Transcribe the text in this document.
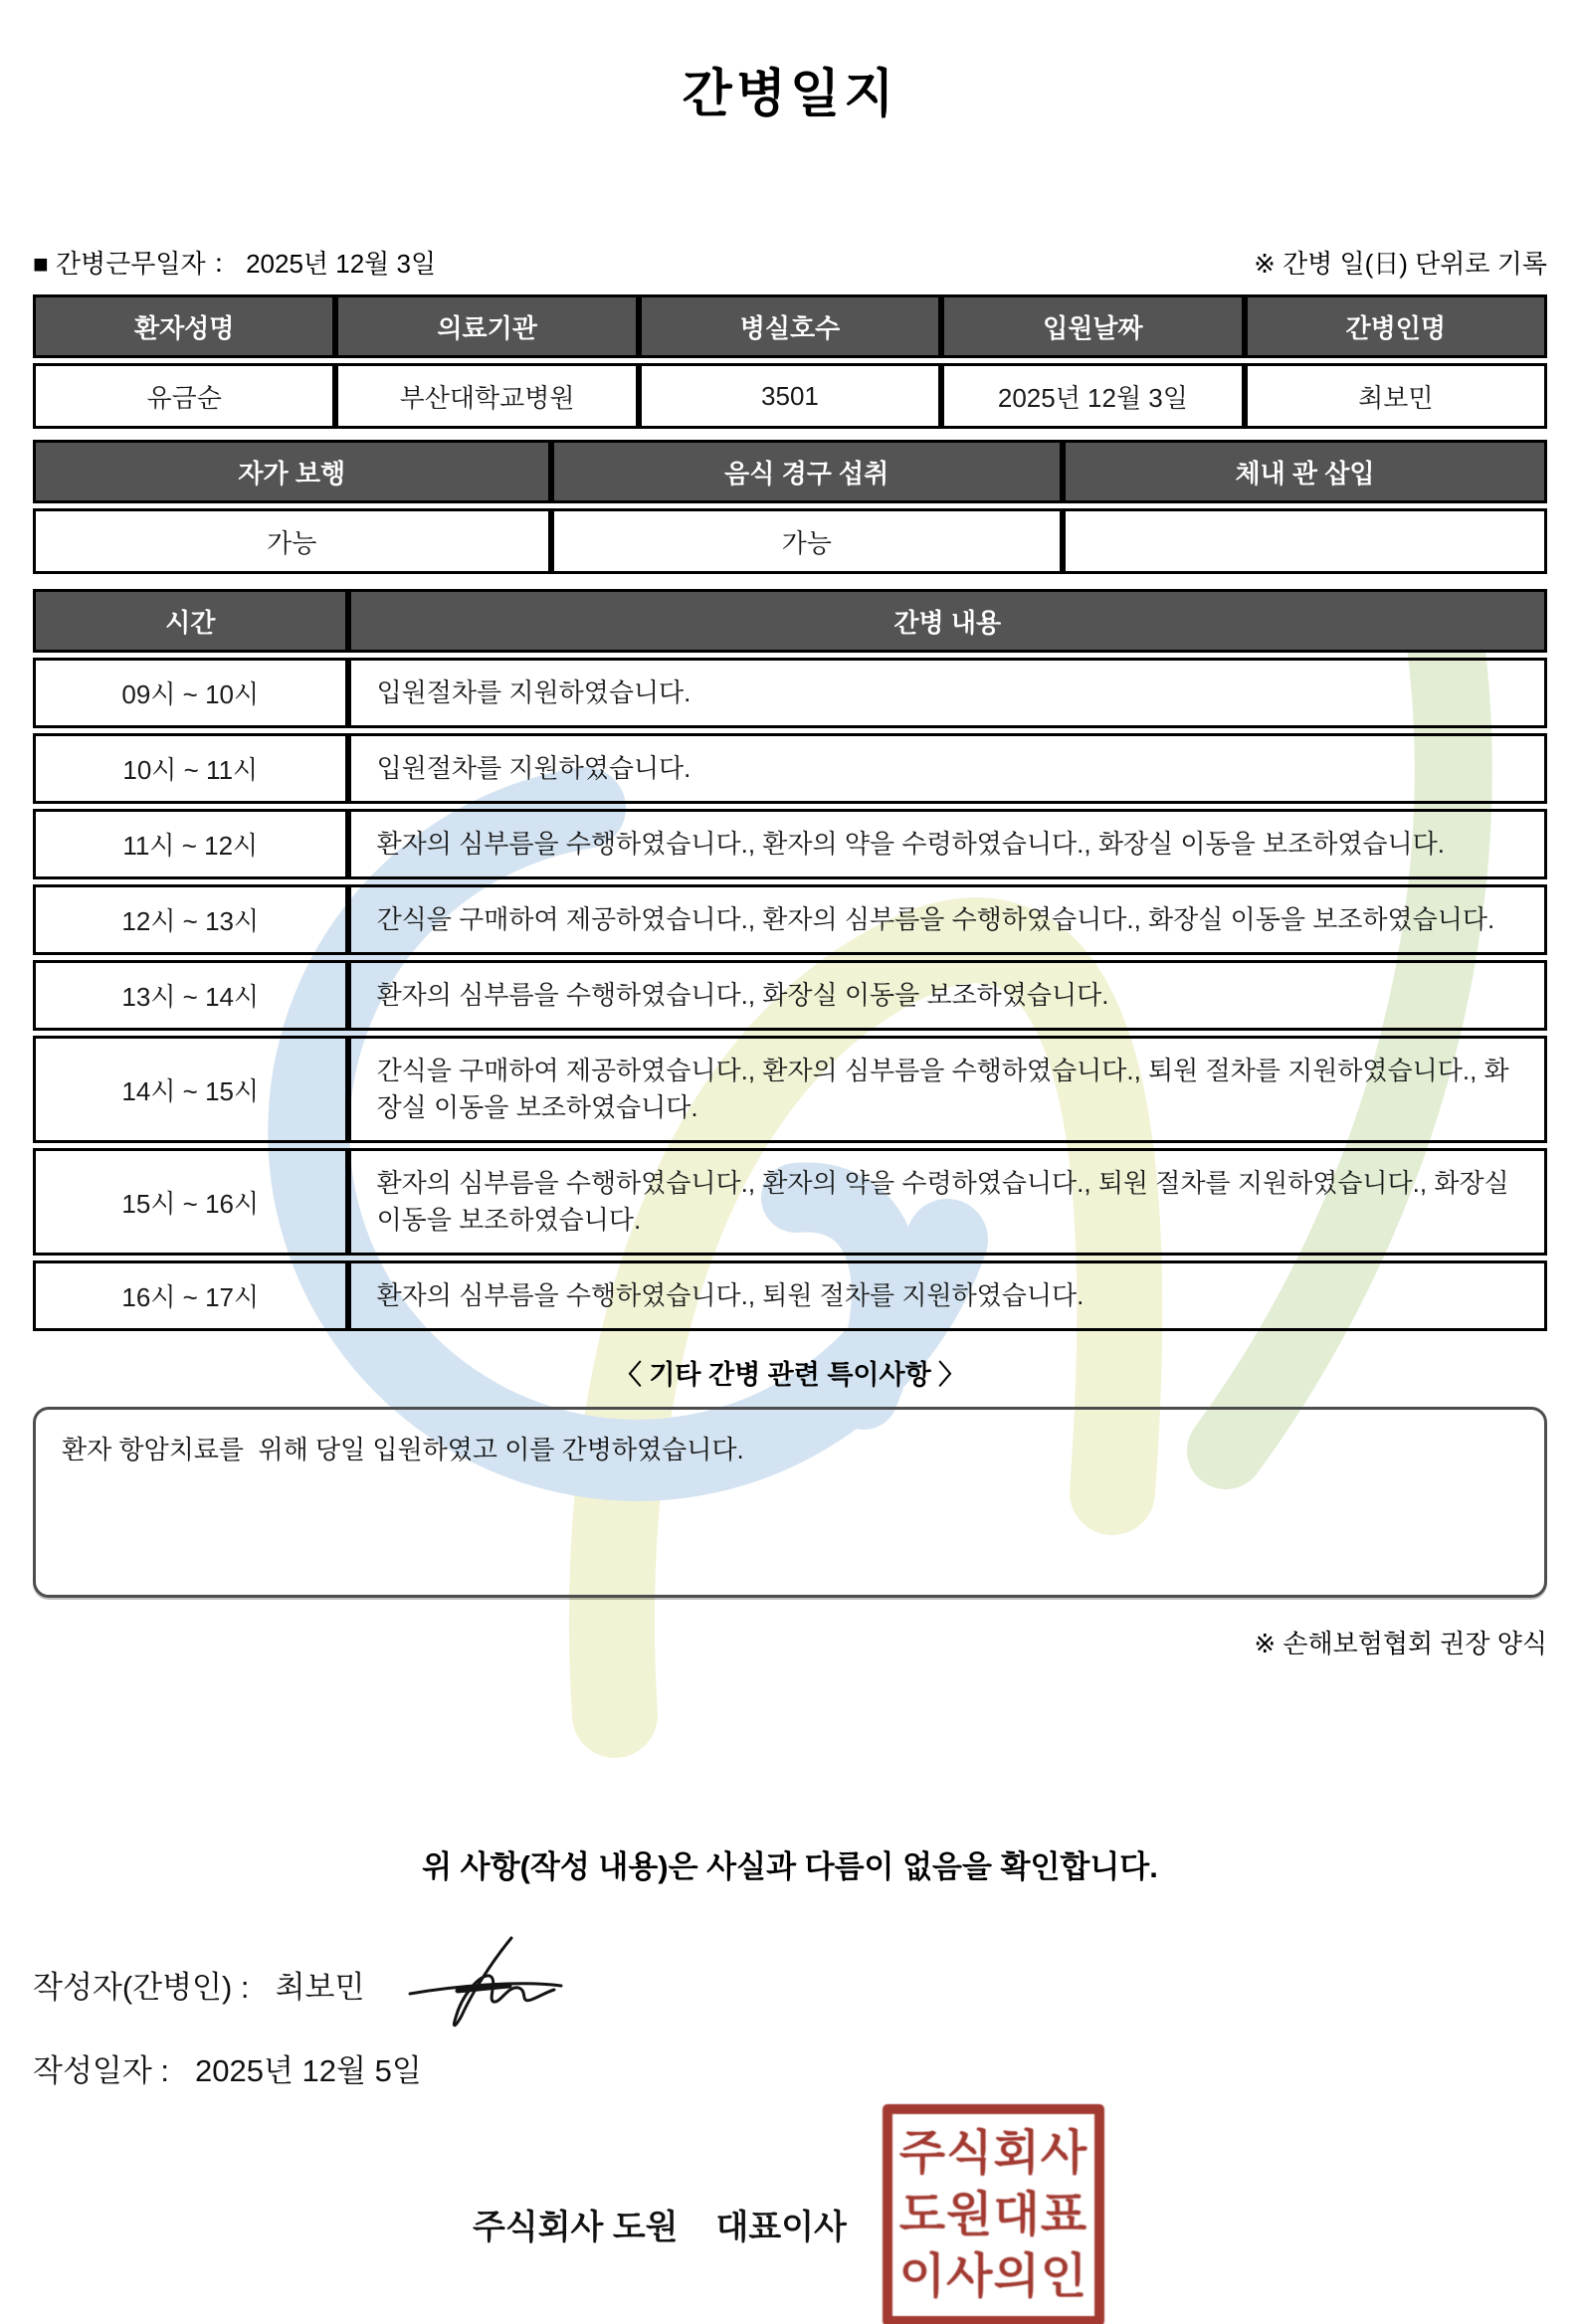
간병일지
■ 간병근무일자 ： 2025년 12월 3일	※ 간병 일(日) 단위로 기록
환자성명	의료기관	병실호수	입원날짜	간병인명
유금순	부산대학교병원	3501	2025년 12월 3일	최보민
자가 보행	음식 경구 섭취	체내 관 삽입
가능	가능	
시간	간병 내용
09시 ~ 10시	입원절차를 지원하였습니다.
10시 ~ 11시	입원절차를 지원하였습니다.
11시 ~ 12시	환자의 심부름을 수행하였습니다., 환자의 약을 수령하였습니다., 화장실 이동을 보조하였습니다.
12시 ~ 13시	간식을 구매하여 제공하였습니다., 환자의 심부름을 수행하였습니다., 화장실 이동을 보조하였습니다.
13시 ~ 14시	환자의 심부름을 수행하였습니다., 화장실 이동을 보조하였습니다.
14시 ~ 15시	간식을 구매하여 제공하였습니다., 환자의 심부름을 수행하였습니다., 퇴원 절차를 지원하였습니다., 화장실 이동을 보조하였습니다.
15시 ~ 16시	환자의 심부름을 수행하였습니다., 환자의 약을 수령하였습니다., 퇴원 절차를 지원하였습니다., 화장실 이동을 보조하였습니다.
16시 ~ 17시	환자의 심부름을 수행하였습니다., 퇴원 절차를 지원하였습니다.
〈 기타 간병 관련 특이사항 〉
환자 항암치료를  위해 당일 입원하였고 이를 간병하였습니다.
※ 손해보험협회 권장 양식
위 사항(작성 내용)은 사실과 다름이 없음을 확인합니다.
작성자(간병인) : 최보민
작성일자 : 2025년 12월 5일
주식회사 도원 대표이사
주식회사
도원대표
이사의인
